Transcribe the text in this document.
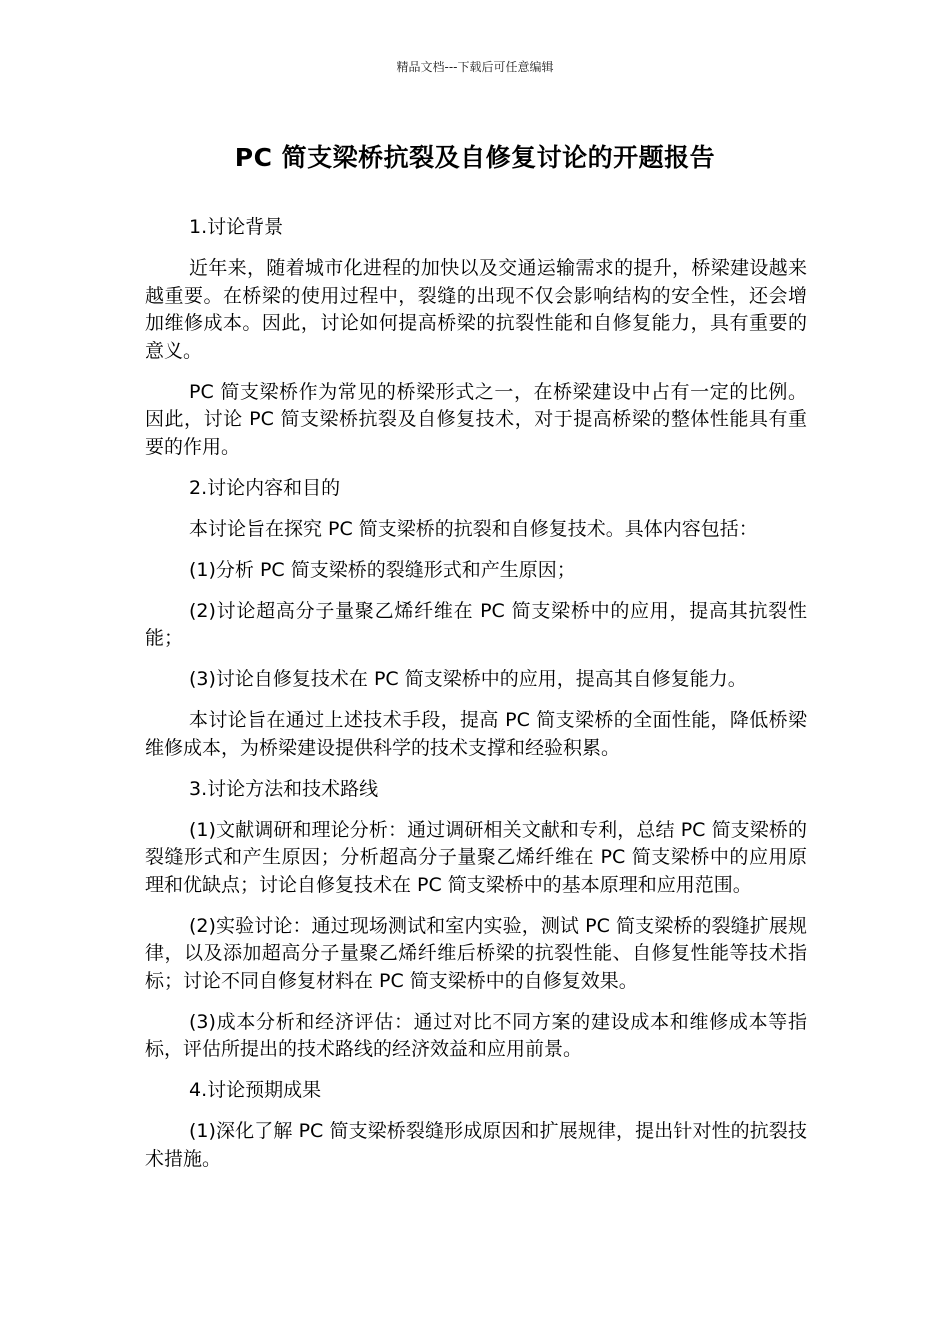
精品文档---下载后可任意编辑
PC 简支梁桥抗裂及自修复讨论的开题报告

1.讨论背景

近年来，随着城市化进程的加快以及交通运输需求的提升，桥梁建设越来越重要。在桥梁的使用过程中，裂缝的出现不仅会影响结构的安全性，还会增加维修成本。因此，讨论如何提高桥梁的抗裂性能和自修复能力，具有重要的意义。

PC 简支梁桥作为常见的桥梁形式之一，在桥梁建设中占有一定的比例。因此，讨论 PC 简支梁桥抗裂及自修复技术，对于提高桥梁的整体性能具有重要的作用。

2.讨论内容和目的

本讨论旨在探究 PC 简支梁桥的抗裂和自修复技术。具体内容包括：

(1)分析 PC 简支梁桥的裂缝形式和产生原因；

(2)讨论超高分子量聚乙烯纤维在 PC 简支梁桥中的应用，提高其抗裂性能；

(3)讨论自修复技术在 PC 简支梁桥中的应用，提高其自修复能力。

本讨论旨在通过上述技术手段，提高 PC 简支梁桥的全面性能，降低桥梁维修成本，为桥梁建设提供科学的技术支撑和经验积累。

3.讨论方法和技术路线

(1)文献调研和理论分析：通过调研相关文献和专利，总结 PC 简支梁桥的裂缝形式和产生原因；分析超高分子量聚乙烯纤维在 PC 简支梁桥中的应用原理和优缺点；讨论自修复技术在 PC 简支梁桥中的基本原理和应用范围。

(2)实验讨论：通过现场测试和室内实验，测试 PC 简支梁桥的裂缝扩展规律，以及添加超高分子量聚乙烯纤维后桥梁的抗裂性能、自修复性能等技术指标；讨论不同自修复材料在 PC 简支梁桥中的自修复效果。

(3)成本分析和经济评估：通过对比不同方案的建设成本和维修成本等指标，评估所提出的技术路线的经济效益和应用前景。

4.讨论预期成果

(1)深化了解 PC 简支梁桥裂缝形成原因和扩展规律，提出针对性的抗裂技术措施。
